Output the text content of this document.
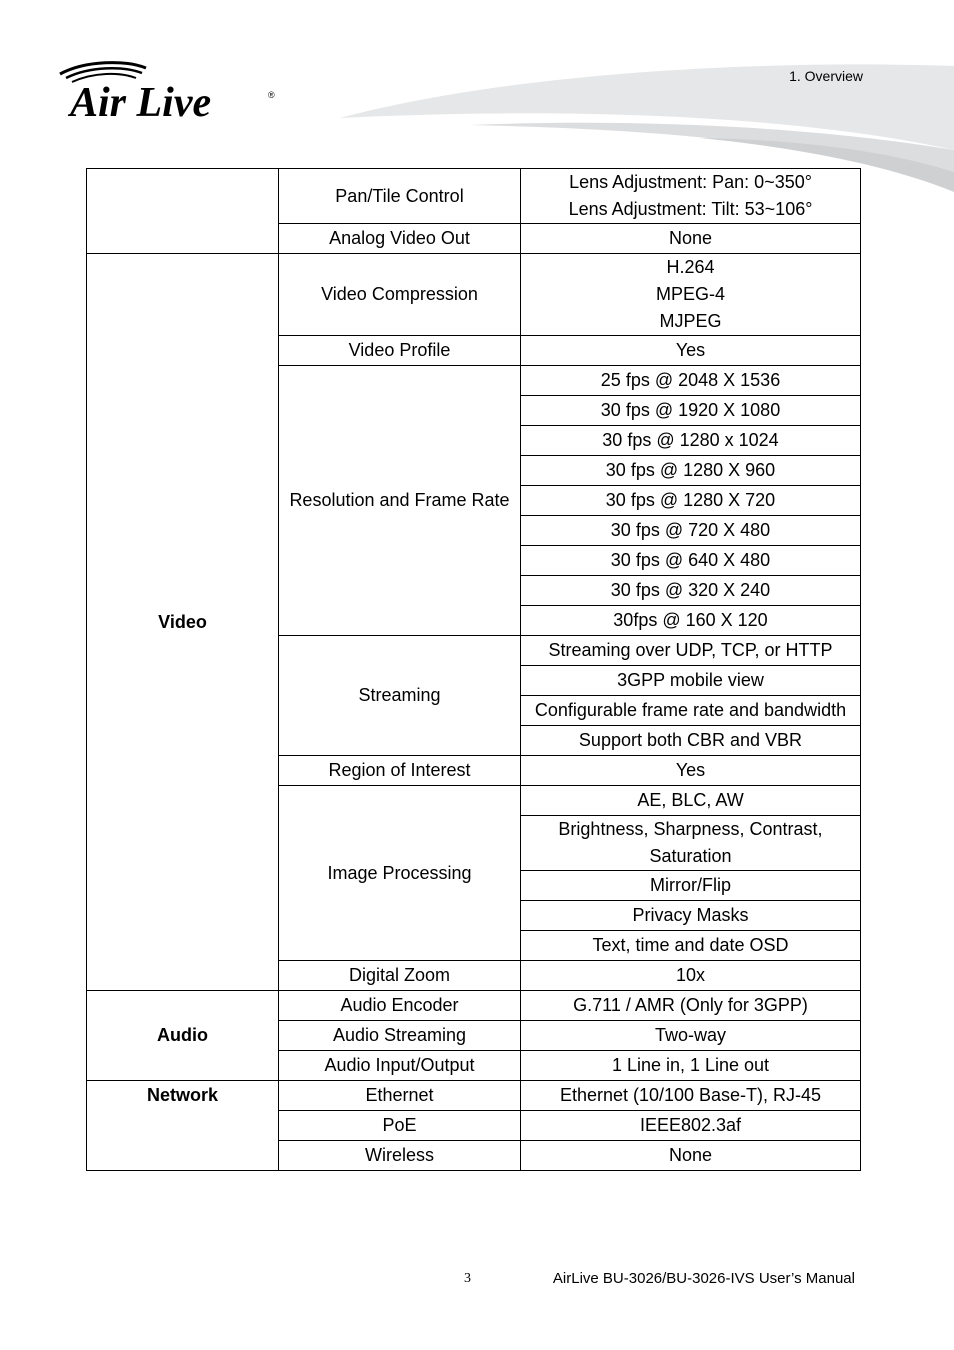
Air Live	®
1. Overview
	Pan/Tile Control	Lens Adjustment: Pan: 0~350°
Lens Adjustment: Tilt: 53~106°

	Analog Video Out	None
Video	Video Compression	H.264
MPEG-4
MJPEG

	Video Profile	Yes
	Resolution and Frame Rate	25 fps @ 2048 X 1536
		30 fps @ 1920 X 1080
		30 fps @ 1280 x 1024
		30 fps @ 1280 X 960
		30 fps @ 1280 X 720
		30 fps @ 720 X 480
		30 fps @ 640 X 480
		30 fps @ 320 X 240
		30fps @ 160 X 120
	Streaming	Streaming over UDP, TCP, or HTTP
		3GPP mobile view
		Configurable frame rate and bandwidth
		Support both CBR and VBR
	Region of Interest	Yes
	Image Processing	AE, BLC, AW
		Brightness, Sharpness, Contrast, Saturation
		Mirror/Flip
		Privacy Masks
		Text, time and date OSD
	Digital Zoom	10x
Audio	Audio Encoder	G.711 / AMR (Only for 3GPP)
	Audio Streaming	Two-way
	Audio Input/Output	1 Line in, 1 Line out
Network	Ethernet	Ethernet (10/100 Base-T), RJ-45
	PoE	IEEE802.3af
	Wireless	None
3	AirLive BU-3026/BU-3026-IVS User’s Manual
